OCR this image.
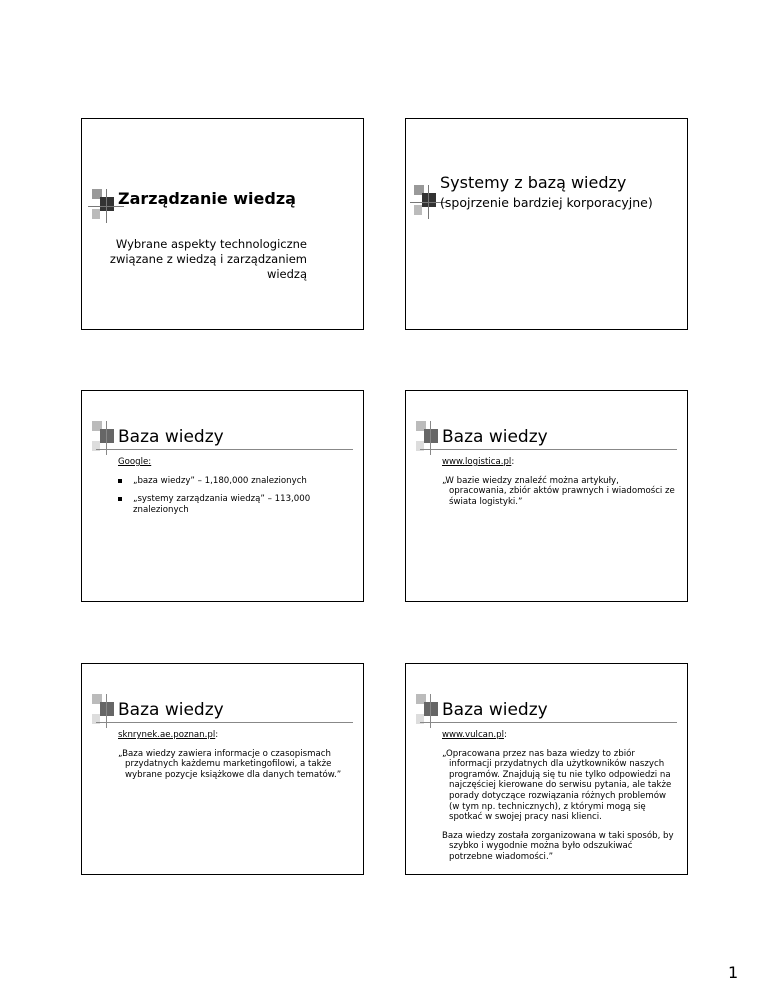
Zarządzanie wiedzą
Wybrane aspekty technologiczne związane z wiedzą i zarządzaniem wiedzą
Systemy z bazą wiedzy
(spojrzenie bardziej korporacyjne)
Baza wiedzy

Google:

„baza wiedzy” – 1,180,000 znalezionych
„systemy zarządzania wiedzą” – 113,000 znalezionych
Baza wiedzy

www.logistica.pl:

„W bazie wiedzy znaleźć można artykuły, opracowania, zbiór aktów prawnych i wiadomości ze świata logistyki.”

Baza wiedzy

sknrynek.ae.poznan.pl:

„Baza wiedzy zawiera informacje o czasopismach przydatnych każdemu marketingofilowi, a także wybrane pozycje książkowe dla danych tematów.”

Baza wiedzy

www.vulcan.pl:

„Opracowana przez nas baza wiedzy to zbiór informacji przydatnych dla użytkowników naszych programów. Znajdują się tu nie tylko odpowiedzi na najczęściej kierowane do serwisu pytania, ale także porady dotyczące rozwiązania różnych problemów (w tym np. technicznych), z którymi mogą się spotkać w swojej pracy nasi klienci.

Baza wiedzy została zorganizowana w taki sposób, by szybko i wygodnie można było odszukiwać potrzebne wiadomości.”

1
